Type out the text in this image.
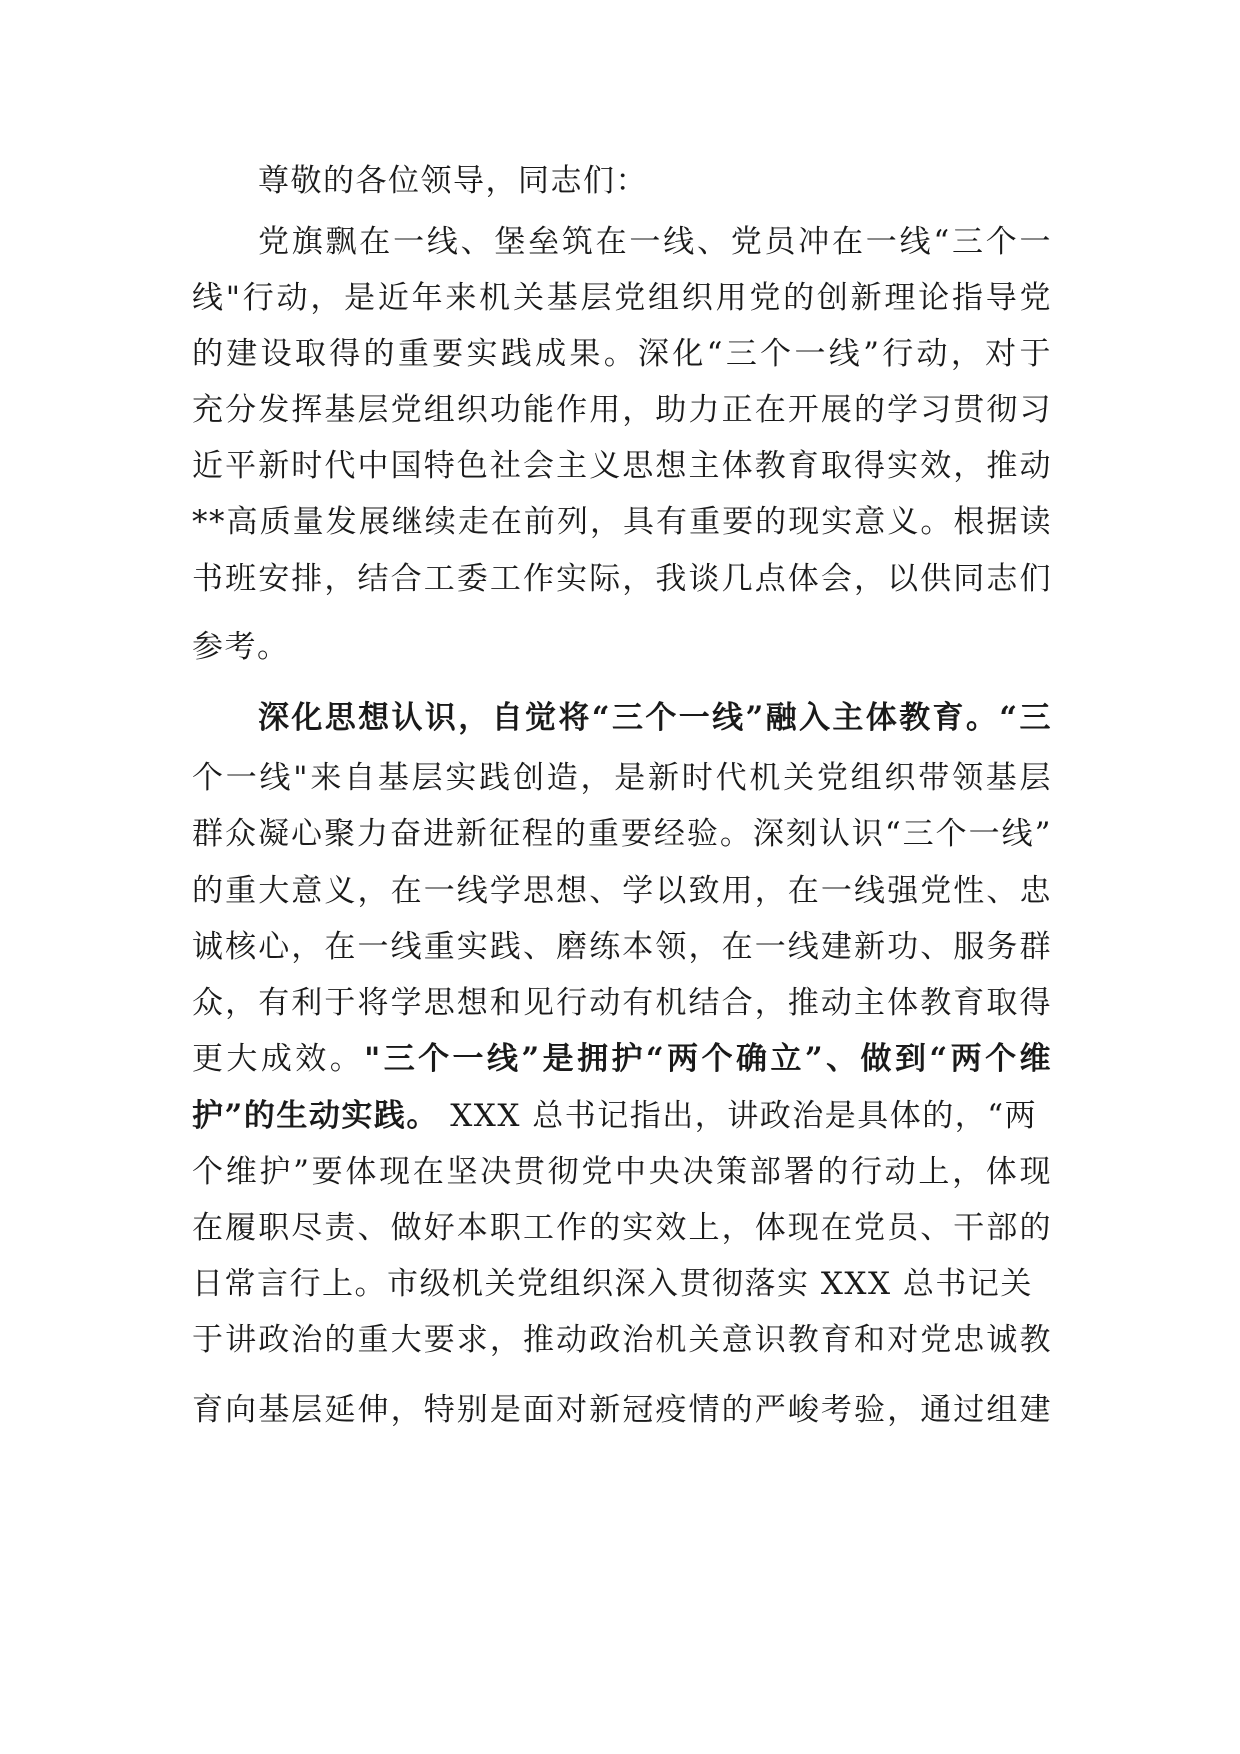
尊敬的各位领导，同志们：
党旗飘在一线、堡垒筑在一线、党员冲在一线“三个一
线"行动，是近年来机关基层党组织用党的创新理论指导党
的建设取得的重要实践成果。深化“三个一线”行动，对于
充分发挥基层党组织功能作用，助力正在开展的学习贯彻习
近平新时代中国特色社会主义思想主体教育取得实效，推动
**高质量发展继续走在前列，具有重要的现实意义。根据读
书班安排，结合工委工作实际，我谈几点体会，以供同志们
参考。
深化思想认识，自觉将“三个一线”融入主体教育。“三
个一线"来自基层实践创造，是新时代机关党组织带领基层
群众凝心聚力奋进新征程的重要经验。深刻认识“三个一线”
的重大意义，在一线学思想、学以致用，在一线强党性、忠
诚核心，在一线重实践、磨练本领，在一线建新功、服务群
众，有利于将学思想和见行动有机结合，推动主体教育取得
更大成效。"三个一线”是拥护“两个确立”、做到“两个维
护”的生动实践。 XXX 总书记指出，讲政治是具体的，“两
个维护”要体现在坚决贯彻党中央决策部署的行动上，体现
在履职尽责、做好本职工作的实效上，体现在党员、干部的
日常言行上。市级机关党组织深入贯彻落实 XXX 总书记关
于讲政治的重大要求，推动政治机关意识教育和对党忠诚教
育向基层延伸，特别是面对新冠疫情的严峻考验，通过组建
